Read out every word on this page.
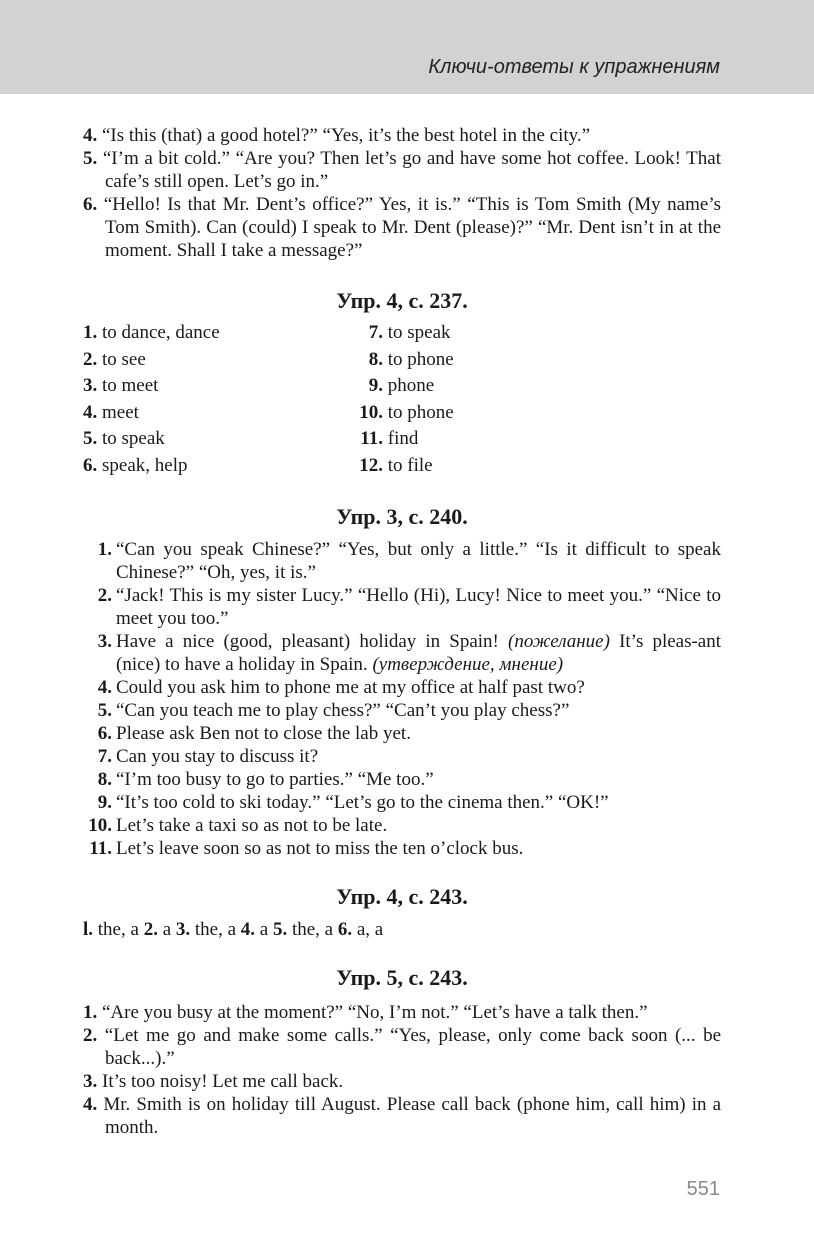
Ключи-ответы к упражнениям

4. “Is this (that) a good hotel?” “Yes, it’s the best hotel in the city.”

5. “I’m a bit cold.” “Are you? Then let’s go and have some hot coffee. Look! That cafe’s still open. Let’s go in.”

6. “Hello! Is that Mr. Dent’s office?” Yes, it is.” “This is Tom Smith (My name’s Tom Smith). Can (could) I speak to Mr. Dent (please)?” “Mr. Dent isn’t in at the moment. Shall I take a message?”

Упр. 4, с. 237.
1. to dance, dance	7. to speak
2. to see	8. to phone
3. to meet	9. phone
4. meet	10. to phone
5. to speak	11. find
6. speak, help	12. to file
Упр. 3, с. 240.

1. “Can you speak Chinese?” “Yes, but only a little.” “Is it difficult to speak Chinese?” “Oh, yes, it is.”

2. “Jack! This is my sister Lucy.” “Hello (Hi), Lucy! Nice to meet you.” “Nice to meet you too.”

3. Have a nice (good, pleasant) holiday in Spain! (пожелание) It’s pleas-ant (nice) to have a holiday in Spain. (утверждение, мнение)

4. Could you ask him to phone me at my office at half past two?

5. “Can you teach me to play chess?” “Can’t you play chess?”

6. Please ask Ben not to close the lab yet.

7. Can you stay to discuss it?

8. “I’m too busy to go to parties.” “Me too.”

9. “It’s too cold to ski today.” “Let’s go to the cinema then.” “OK!”

10. Let’s take a taxi so as not to be late.

11. Let’s leave soon so as not to miss the ten o’clock bus.

Упр. 4, с. 243.

l. the, a 2. a 3. the, a 4. a 5. the, a 6. a, a

Упр. 5, с. 243.

1. “Are you busy at the moment?” “No, I’m not.” “Let’s have a talk then.”

2. “Let me go and make some calls.” “Yes, please, only come back soon (... be back...).”

3. It’s too noisy! Let me call back.

4. Mr. Smith is on holiday till August. Please call back (phone him, call him) in a month.

551
